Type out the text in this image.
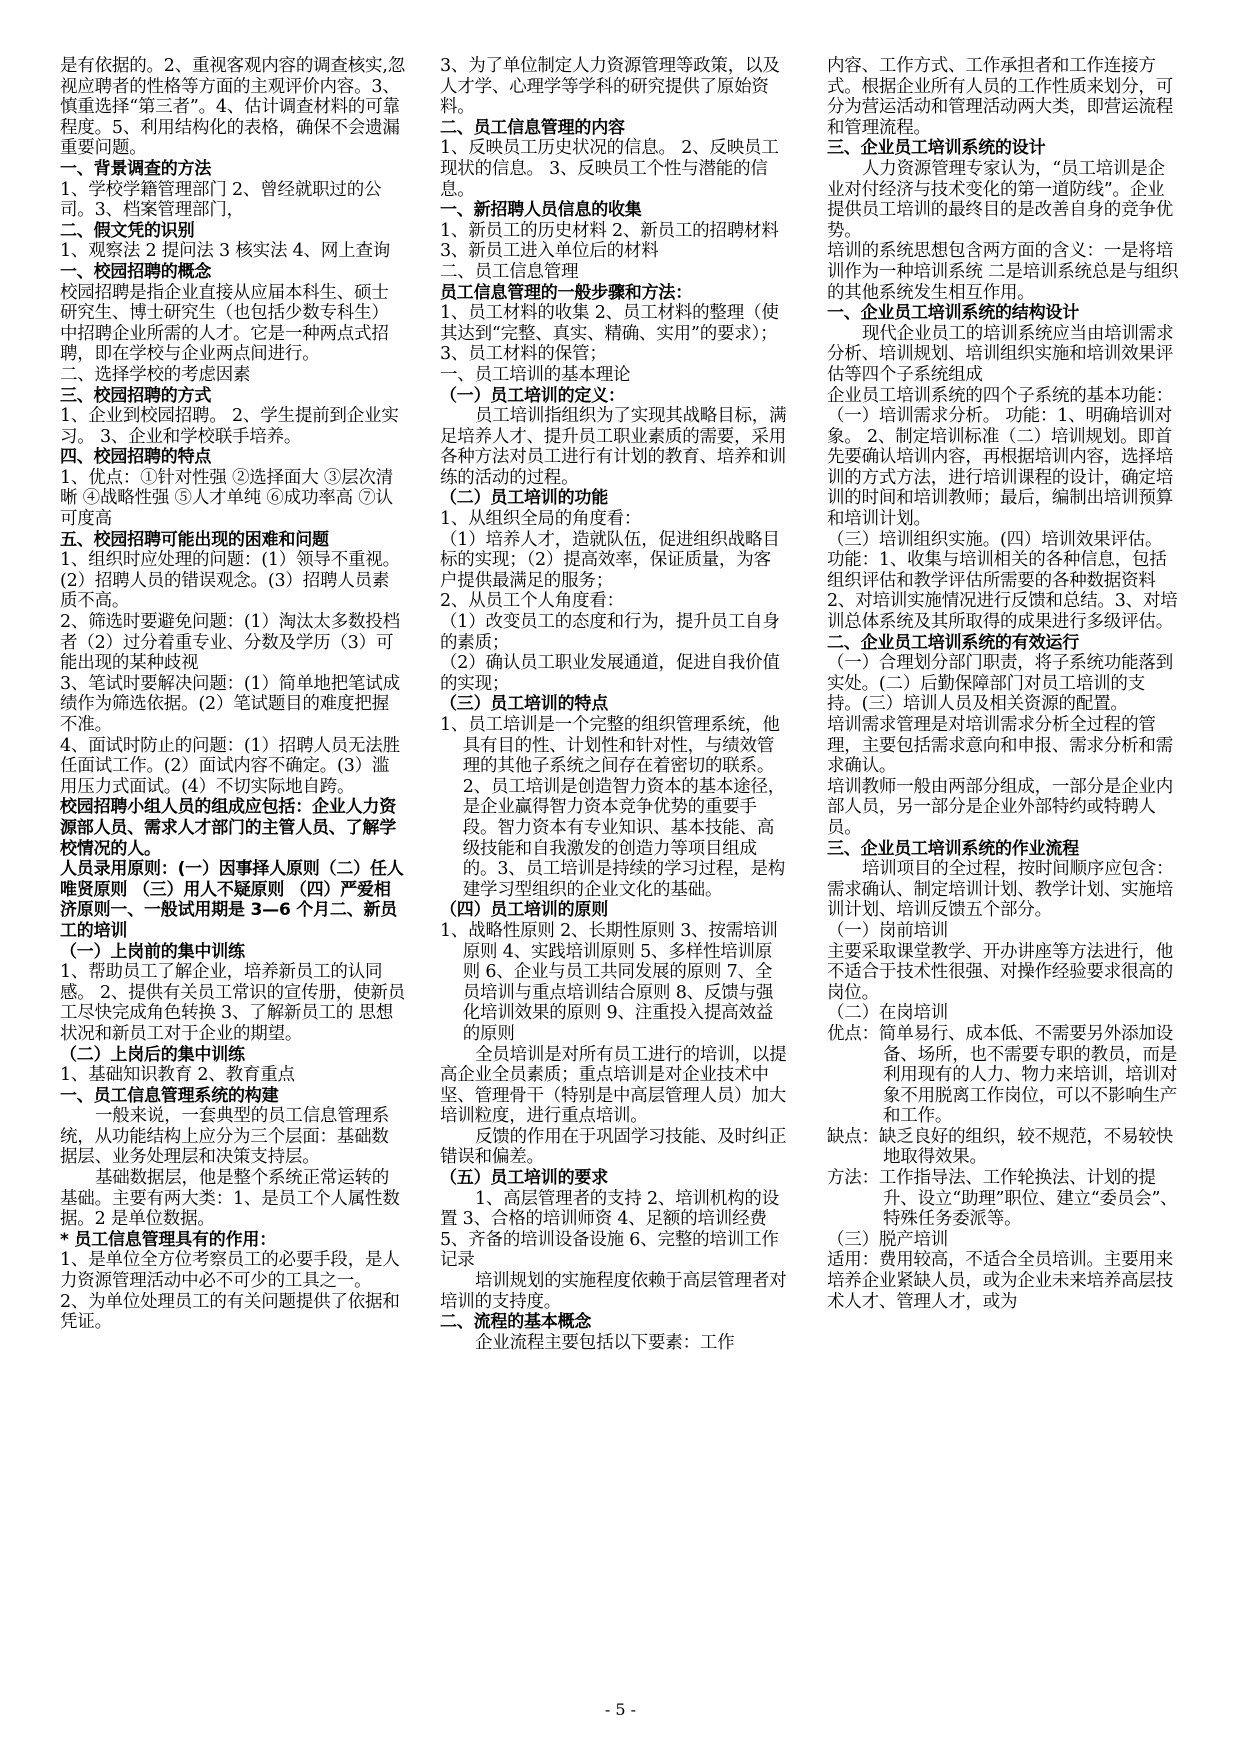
是有依据的。2、重视客观内容的调查核实,忽视应聘者的性格等方面的主观评价内容。3、慎重选择“第三者”。4、估计调查材料的可靠程度。5、利用结构化的表格，确保不会遗漏重要问题。

一、背景调查的方法

1、学校学籍管理部门 2、曾经就职过的公司。3、档案管理部门，

二、假文凭的识别

1、观察法 2 提问法 3 核实法 4、网上查询

一、校园招聘的概念

校园招聘是指企业直接从应届本科生、硕士研究生、博士研究生（也包括少数专科生）中招聘企业所需的人才。它是一种两点式招聘，即在学校与企业两点间进行。

二、选择学校的考虑因素

三、校园招聘的方式

1、企业到校园招聘。 2、学生提前到企业实习。 3、企业和学校联手培养。

四、校园招聘的特点

1、优点：①针对性强 ②选择面大 ③层次清晰 ④战略性强 ⑤人才单纯 ⑥成功率高 ⑦认可度高

五、校园招聘可能出现的困难和问题

1、组织时应处理的问题：(1）领导不重视。(2）招聘人员的错误观念。(3）招聘人员素质不高。

2、筛选时要避免问题：(1）淘汰太多数投档者（2）过分着重专业、分数及学历（3）可能出现的某种歧视

3、笔试时要解决问题：(1）简单地把笔试成绩作为筛选依据。(2）笔试题目的难度把握不准。

4、面试时防止的问题：(1）招聘人员无法胜任面试工作。(2）面试内容不确定。(3）滥用压力式面试。(4）不切实际地自跨。

校园招聘小组人员的组成应包括：企业人力资源部人员、需求人才部门的主管人员、了解学校情况的人。

人员录用原则：(一）因事择人原则（二）任人唯贤原则 （三）用人不疑原则 （四）严爱相济原则一、一般试用期是 3—6 个月二、新员工的培训

（一）上岗前的集中训练

1、帮助员工了解企业，培养新员工的认同感。 2、提供有关员工常识的宣传册，使新员工尽快完成角色转换 3、了解新员工的 思想状况和新员工对于企业的期望。

（二）上岗后的集中训练

1、基础知识教育 2、教育重点

一、员工信息管理系统的构建

一般来说，一套典型的员工信息管理系统，从功能结构上应分为三个层面：基础数据层、业务处理层和决策支持层。

基础数据层，他是整个系统正常运转的基础。主要有两大类：1、是员工个人属性数据。2 是单位数据。

* 员工信息管理具有的作用：

1、是单位全方位考察员工的必要手段，是人力资源管理活动中必不可少的工具之一。

2、为单位处理员工的有关问题提供了依据和凭证。

3、为了单位制定人力资源管理等政策，以及人才学、心理学等学科的研究提供了原始资料。

二、员工信息管理的内容

1、反映员工历史状况的信息。 2、反映员工现状的信息。 3、反映员工个性与潜能的信息。

一、新招聘人员信息的收集

1、新员工的历史材料 2、新员工的招聘材料 3、新员工进入单位后的材料

二、员工信息管理

员工信息管理的一般步骤和方法：

1、员工材料的收集 2、员工材料的整理（使其达到“完整、真实、精确、实用”的要求）；3、员工材料的保管；

一、员工培训的基本理论

（一）员工培训的定义：

员工培训指组织为了实现其战略目标，满足培养人才、提升员工职业素质的需要，采用各种方法对员工进行有计划的教育、培养和训练的活动的过程。

（二）员工培训的功能

1、从组织全局的角度看：

（1）培养人才，造就队伍，促进组织战略目标的实现；（2）提高效率，保证质量，为客户提供最满足的服务；

2、从员工个人角度看：

（1）改变员工的态度和行为，提升员工自身的素质；

（2）确认员工职业发展通道，促进自我价值的实现；

（三）员工培训的特点

1、员工培训是一个完整的组织管理系统，他具有目的性、计划性和针对性，与绩效管理的其他子系统之间存在着密切的联系。2、员工培训是创造智力资本的基本途径，是企业赢得智力资本竞争优势的重要手段。智力资本有专业知识、基本技能、高级技能和自我激发的创造力等项目组成的。3、员工培训是持续的学习过程，是构建学习型组织的企业文化的基础。

（四）员工培训的原则

1、战略性原则 2、长期性原则 3、按需培训原则 4、实践培训原则 5、多样性培训原则 6、企业与员工共同发展的原则 7、全员培训与重点培训结合原则 8、反馈与强化培训效果的原则 9、注重投入提高效益的原则

全员培训是对所有员工进行的培训，以提高企业全员素质；重点培训是对企业技术中坚、管理骨干（特别是中高层管理人员）加大培训粒度，进行重点培训。

反馈的作用在于巩固学习技能、及时纠正错误和偏差。

（五）员工培训的要求

1、高层管理者的支持 2、培训机构的设置 3、合格的培训师资 4、足额的培训经费 5、齐备的培训设备设施 6、完整的培训工作记录

培训规划的实施程度依赖于高层管理者对培训的支持度。

二、流程的基本概念

企业流程主要包括以下要素：工作

内容、工作方式、工作承担者和工作连接方式。根据企业所有人员的工作性质来划分，可分为营运活动和管理活动两大类，即营运流程和管理流程。

三、企业员工培训系统的设计

人力资源管理专家认为，“员工培训是企业对付经济与技术变化的第一道防线”。企业提供员工培训的最终目的是改善自身的竞争优势。

培训的系统思想包含两方面的含义：一是将培训作为一种培训系统 二是培训系统总是与组织的其他系统发生相互作用。

一、企业员工培训系统的结构设计

现代企业员工的培训系统应当由培训需求分析、培训规划、培训组织实施和培训效果评估等四个子系统组成

企业员工培训系统的四个子系统的基本功能：

（一）培训需求分析。 功能：1、明确培训对象。 2、制定培训标准（二）培训规划。即首先要确认培训内容，再根据培训内容，选择培训的方式方法，进行培训课程的设计，确定培训的时间和培训教师；最后，编制出培训预算和培训计划。

（三）培训组织实施。(四）培训效果评估。

功能：1、收集与培训相关的各种信息，包括组织评估和教学评估所需要的各种数据资料 2、对培训实施情况进行反馈和总结。3、对培训总体系统及其所取得的成果进行多级评估。

二、企业员工培训系统的有效运行

（一）合理划分部门职责，将子系统功能落到实处。(二）后勤保障部门对员工培训的支持。(三）培训人员及相关资源的配置。

培训需求管理是对培训需求分析全过程的管理，主要包括需求意向和申报、需求分析和需求确认。

培训教师一般由两部分组成，一部分是企业内部人员，另一部分是企业外部特约或特聘人员。

三、企业员工培训系统的作业流程

培训项目的全过程，按时间顺序应包含：需求确认、制定培训计划、教学计划、实施培训计划、培训反馈五个部分。

（一）岗前培训

主要采取课堂教学、开办讲座等方法进行，他不适合于技术性很强、对操作经验要求很高的岗位。

（二）在岗培训

优点：简单易行、成本低、不需要另外添加设备、场所，也不需要专职的教员，而是利用现有的人力、物力来培训，培训对象不用脱离工作岗位，可以不影响生产和工作。

缺点：缺乏良好的组织，较不规范，不易较快地取得效果。

方法：工作指导法、工作轮换法、计划的提升、设立“助理”职位、建立“委员会”、特殊任务委派等。

（三）脱产培训

适用：费用较高，不适合全员培训。主要用来培养企业紧缺人员，或为企业未来培养高层技术人才、管理人才，或为

- 5 -
